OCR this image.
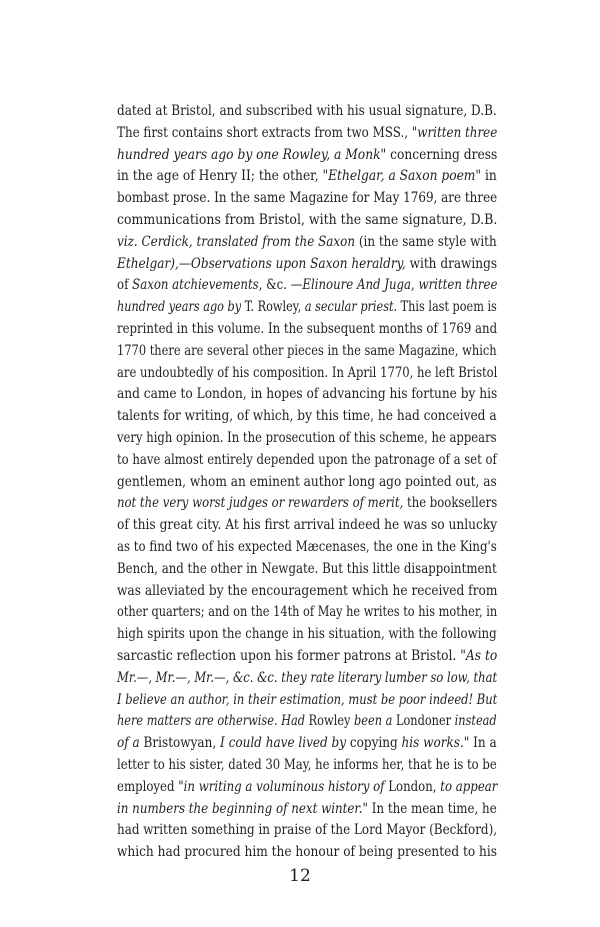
dated at Bristol, and subscribed with his usual signature, D.B.
The first contains short extracts from two MSS., "written three
hundred years ago by one Rowley, a Monk" concerning dress
in the age of Henry II; the other, "Ethelgar, a Saxon poem" in
bombast prose. In the same Magazine for May 1769, are three
communications from Bristol, with the same signature, D.B.
viz. Cerdick, translated from the Saxon (in the same style with
Ethelgar),—Observations upon Saxon heraldry, with drawings
of Saxon atchievements, &c. —Elinoure And Juga, written three
hundred years ago by T. Rowley, a secular priest. This last poem is
reprinted in this volume. In the subsequent months of 1769 and
1770 there are several other pieces in the same Magazine, which
are undoubtedly of his composition. In April 1770, he left Bristol
and came to London, in hopes of advancing his fortune by his
talents for writing, of which, by this time, he had conceived a
very high opinion. In the prosecution of this scheme, he appears
to have almost entirely depended upon the patronage of a set of
gentlemen, whom an eminent author long ago pointed out, as
not the very worst judges or rewarders of merit, the booksellers
of this great city. At his first arrival indeed he was so unlucky
as to find two of his expected Mæcenases, the one in the King's
Bench, and the other in Newgate. But this little disappointment
was alleviated by the encouragement which he received from
other quarters; and on the 14th of May he writes to his mother, in
high spirits upon the change in his situation, with the following
sarcastic reflection upon his former patrons at Bristol. "As to
Mr.—, Mr.—, Mr.—, &c. &c. they rate literary lumber so low, that
I believe an author, in their estimation, must be poor indeed! But
here matters are otherwise. Had Rowley been a Londoner instead
of a Bristowyan, I could have lived by copying his works." In a
letter to his sister, dated 30 May, he informs her, that he is to be
employed "in writing a voluminous history of London, to appear
in numbers the beginning of next winter." In the mean time, he
had written something in praise of the Lord Mayor (Beckford),
which had procured him the honour of being presented to his
12
